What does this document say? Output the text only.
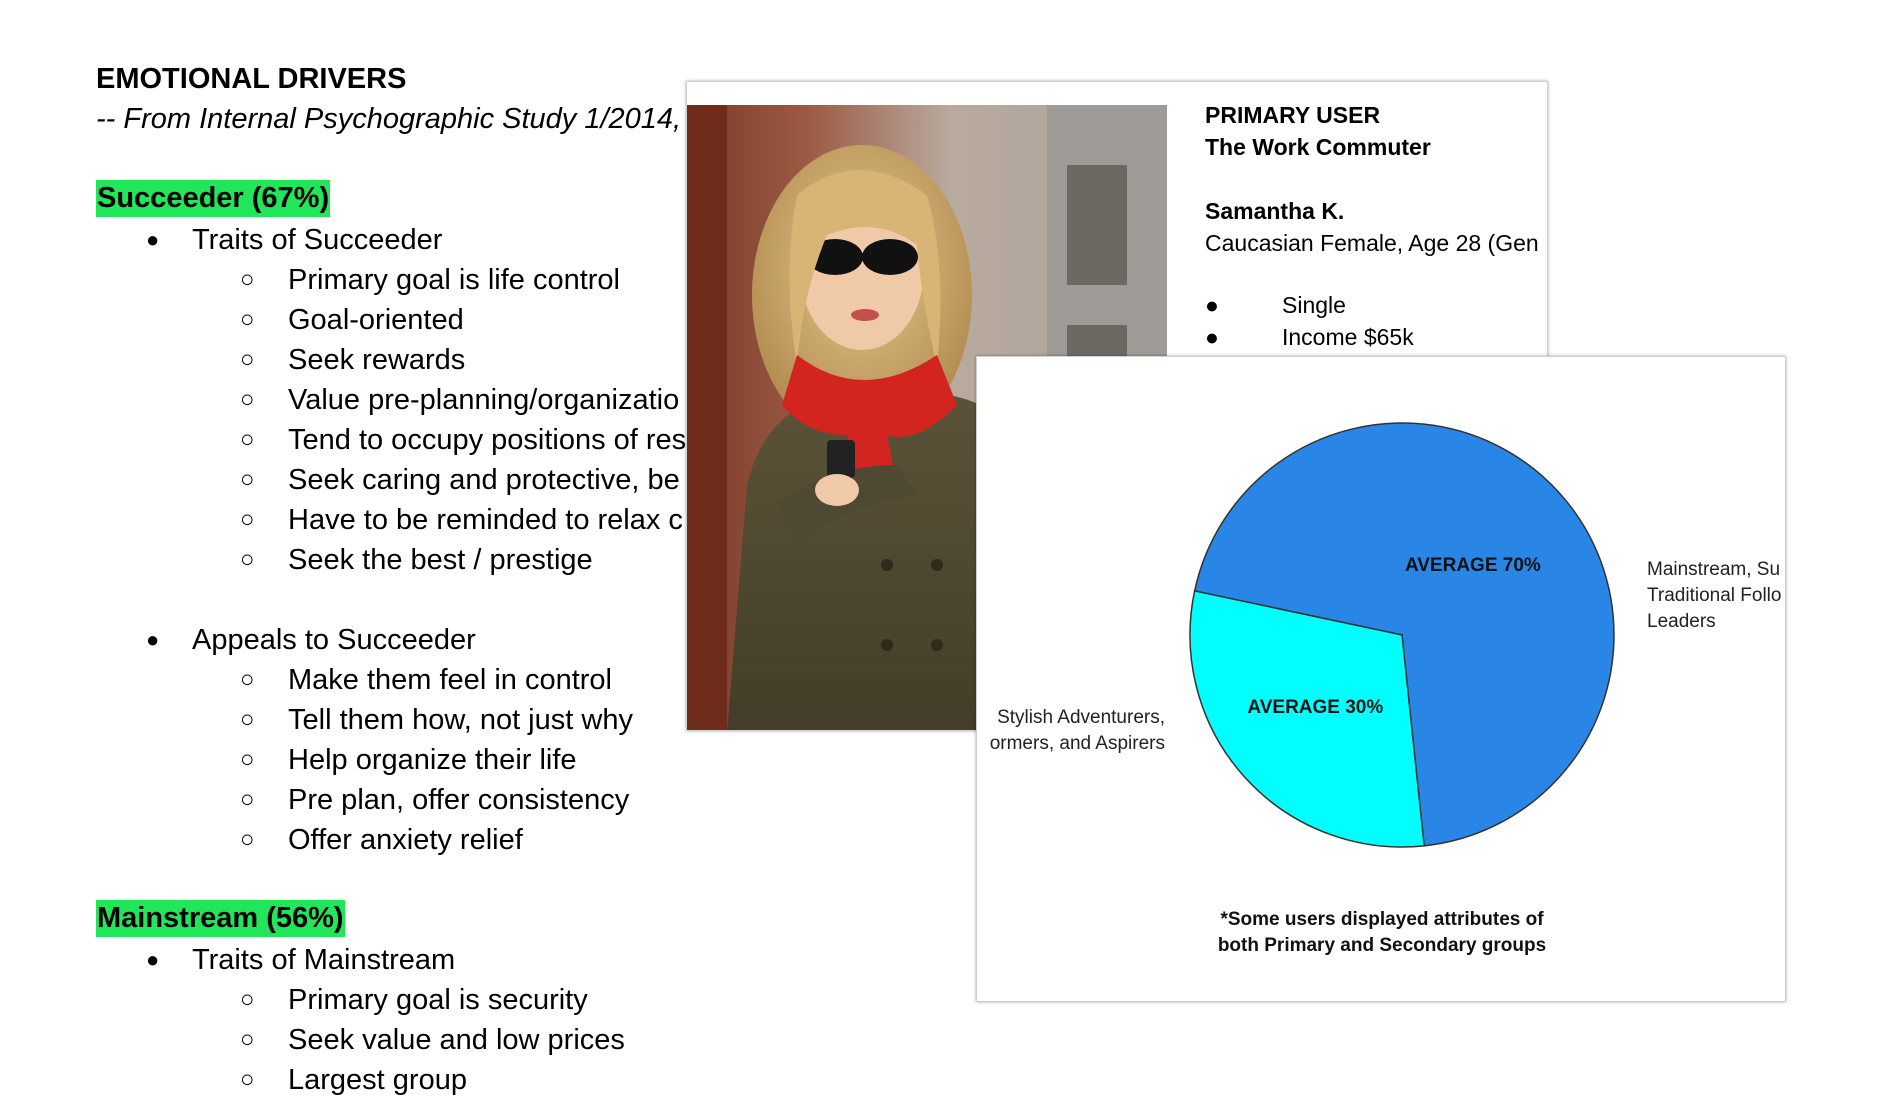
EMOTIONAL DRIVERS
-- From Internal Psychographic Study 1/2014,
Succeeder (67%)
● Traits of Succeeder
○ Primary goal is life control
○ Goal-oriented
○ Seek rewards
○ Value pre-planning/organizatio
○ Tend to occupy positions of res
○ Seek caring and protective, be
○ Have to be reminded to relax c
○ Seek the best / prestige
● Appeals to Succeeder
○ Make them feel in control
○ Tell them how, not just why
○ Help organize their life
○ Pre plan, offer consistency
○ Offer anxiety relief
Mainstream (56%)
● Traits of Mainstream
○ Primary goal is security
○ Seek value and low prices
○ Largest group
PRIMARY USER
The Work Commuter
Samantha K.
Caucasian Female, Age 28 (Gen
●	Single
●	Income $65k
AVERAGE 70%
AVERAGE 30%
Mainstream, Su
Traditional Follo
Leaders
Stylish Adventurers,
ormers, and Aspirers
*Some users displayed attributes of
both Primary and Secondary groups
